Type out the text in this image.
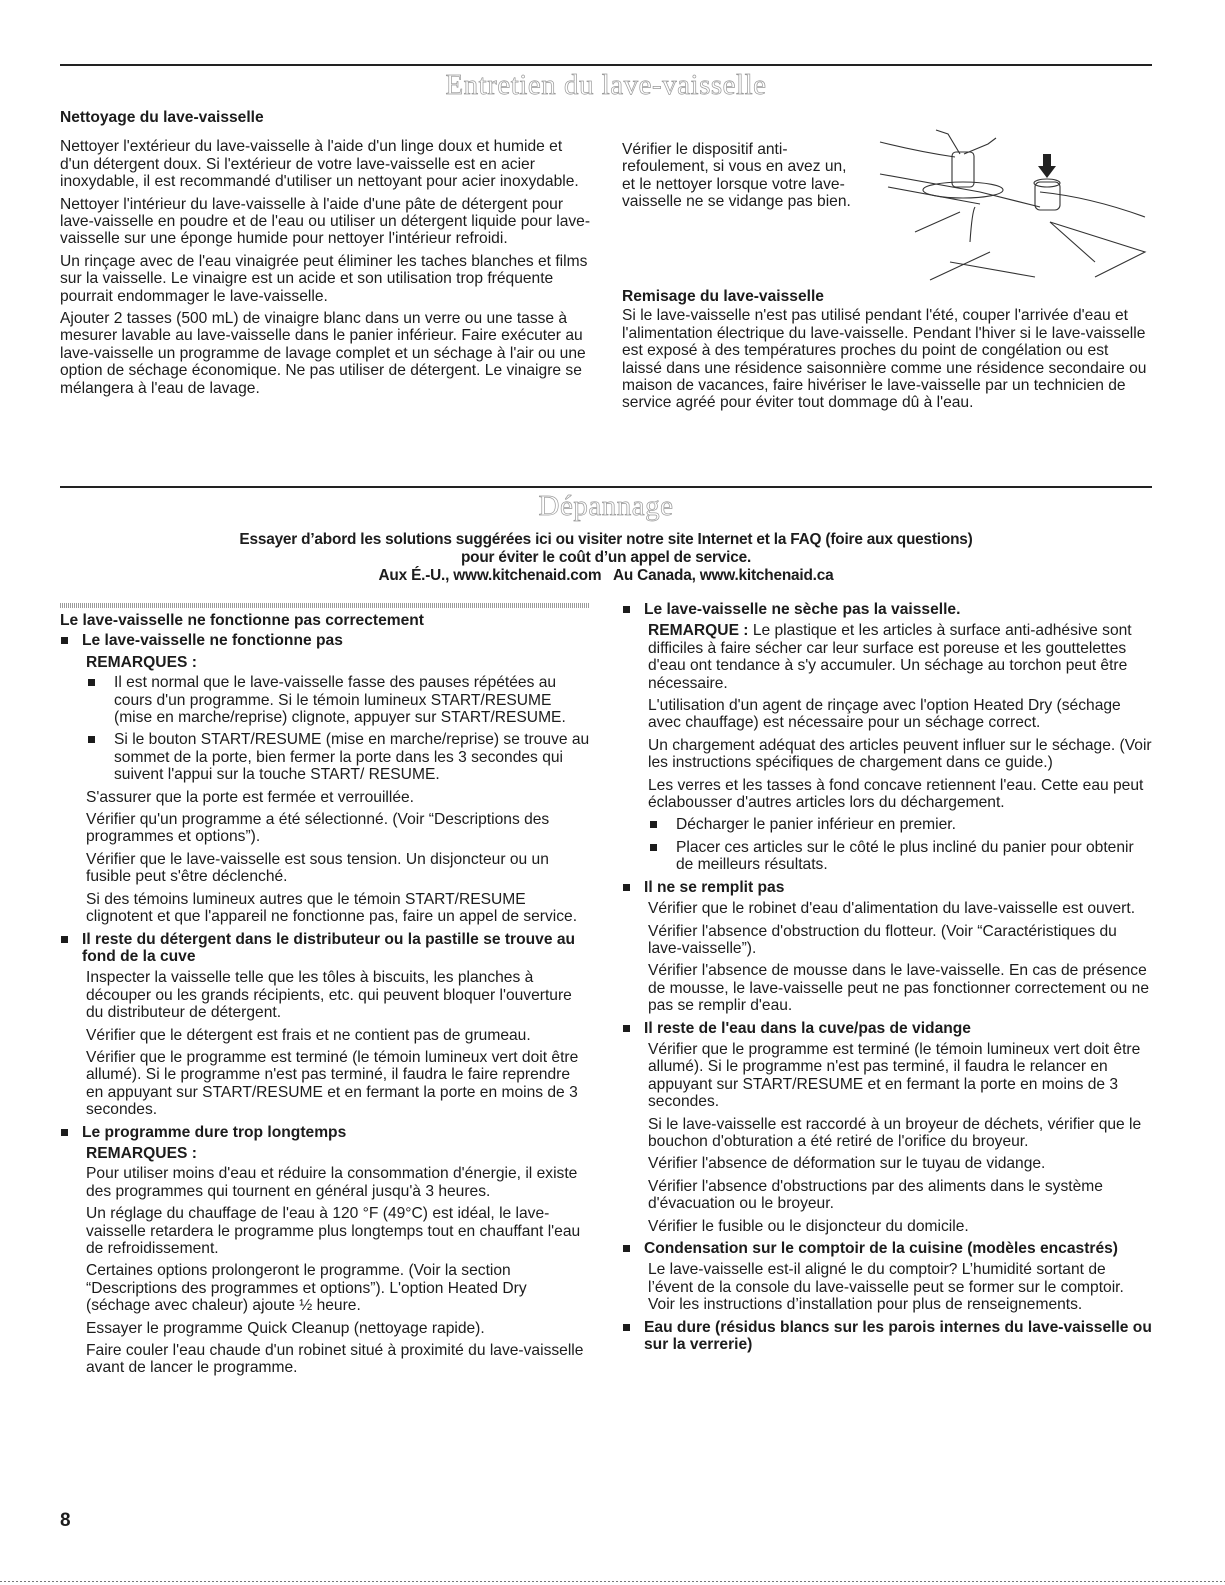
Entretien du lave-vaisselle
Nettoyage du lave-vaisselle

Nettoyer l'extérieur du lave-vaisselle à l'aide d'un linge doux et humide et d'un détergent doux. Si l'extérieur de votre lave-vaisselle est en acier inoxydable, il est recommandé d'utiliser un nettoyant pour acier inoxydable.

Nettoyer l'intérieur du lave-vaisselle à l'aide d'une pâte de détergent pour lave-vaisselle en poudre et de l'eau ou utiliser un détergent liquide pour lave-vaisselle sur une éponge humide pour nettoyer l'intérieur refroidi.

Un rinçage avec de l'eau vinaigrée peut éliminer les taches blanches et films sur la vaisselle. Le vinaigre est un acide et son utilisation trop fréquente pourrait endommager le lave-vaisselle.

Ajouter 2 tasses (500 mL) de vinaigre blanc dans un verre ou une tasse à mesurer lavable au lave-vaisselle dans le panier inférieur. Faire exécuter au lave-vaisselle un programme de lavage complet et un séchage à l'air ou une option de séchage économique. Ne pas utiliser de détergent. Le vinaigre se mélangera à l'eau de lavage.

Vérifier le dispositif anti-refoulement, si vous en avez un, et le nettoyer lorsque votre lave-vaisselle ne se vidange pas bien.

Remisage du lave-vaisselle

Si le lave-vaisselle n'est pas utilisé pendant l'été, couper l'arrivée d'eau et l'alimentation électrique du lave-vaisselle. Pendant l'hiver si le lave-vaisselle est exposé à des températures proches du point de congélation ou est laissé dans une résidence saisonnière comme une résidence secondaire ou maison de vacances, faire hivériser le lave-vaisselle par un technicien de service agréé pour éviter tout dommage dû à l'eau.

Dépannage
Essayer d’abord les solutions suggérées ici ou visiter notre site Internet et la FAQ (foire aux questions)
pour éviter le coût d’un appel de service.
Aux É.-U., www.kitchenaid.com   Au Canada, www.kitchenaid.ca
Le lave-vaisselle ne fonctionne pas correctement
Le lave-vaisselle ne fonctionne pas
REMARQUES :
Il est normal que le lave-vaisselle fasse des pauses répétées au cours d'un programme. Si le témoin lumineux START/RESUME (mise en marche/reprise) clignote, appuyer sur START/RESUME.
Si le bouton START/RESUME (mise en marche/reprise) se trouve au sommet de la porte, bien fermer la porte dans les 3 secondes qui suivent l'appui sur la touche START/ RESUME.

S'assurer que la porte est fermée et verrouillée.

Vérifier qu'un programme a été sélectionné. (Voir “Descriptions des programmes et options”).

Vérifier que le lave-vaisselle est sous tension. Un disjoncteur ou un fusible peut s'être déclenché.

Si des témoins lumineux autres que le témoin START/RESUME clignotent et que l'appareil ne fonctionne pas, faire un appel de service.

Il reste du détergent dans le distributeur ou la pastille se trouve au fond de la cuve

Inspecter la vaisselle telle que les tôles à biscuits, les planches à découper ou les grands récipients, etc. qui peuvent bloquer l'ouverture du distributeur de détergent.

Vérifier que le détergent est frais et ne contient pas de grumeau.

Vérifier que le programme est terminé (le témoin lumineux vert doit être allumé). Si le programme n'est pas terminé, il faudra le faire reprendre en appuyant sur START/RESUME et en fermant la porte en moins de 3 secondes.

Le programme dure trop longtemps
REMARQUES :

Pour utiliser moins d'eau et réduire la consommation d'énergie, il existe des programmes qui tournent en général jusqu'à 3 heures.

Un réglage du chauffage de l'eau à 120 °F (49°C) est idéal, le lave-vaisselle retardera le programme plus longtemps tout en chauffant l'eau de refroidissement.

Certaines options prolongeront le programme. (Voir la section “Descriptions des programmes et options”). L'option Heated Dry (séchage avec chaleur) ajoute ½ heure.

Essayer le programme Quick Cleanup (nettoyage rapide).

Faire couler l'eau chaude d'un robinet situé à proximité du lave-vaisselle avant de lancer le programme.

Le lave-vaisselle ne sèche pas la vaisselle.

REMARQUE : Le plastique et les articles à surface anti-adhésive sont difficiles à faire sécher car leur surface est poreuse et les gouttelettes d'eau ont tendance à s'y accumuler. Un séchage au torchon peut être nécessaire.

L'utilisation d'un agent de rinçage avec l'option Heated Dry (séchage avec chauffage) est nécessaire pour un séchage correct.

Un chargement adéquat des articles peuvent influer sur le séchage. (Voir les instructions spécifiques de chargement dans ce guide.)

Les verres et les tasses à fond concave retiennent l'eau. Cette eau peut éclabousser d'autres articles lors du déchargement.

Décharger le panier inférieur en premier.
Placer ces articles sur le côté le plus incliné du panier pour obtenir de meilleurs résultats.
Il ne se remplit pas

Vérifier que le robinet d'eau d'alimentation du lave-vaisselle est ouvert.

Vérifier l'absence d'obstruction du flotteur. (Voir “Caractéristiques du lave-vaisselle”).

Vérifier l'absence de mousse dans le lave-vaisselle. En cas de présence de mousse, le lave-vaisselle peut ne pas fonctionner correctement ou ne pas se remplir d'eau.

Il reste de l'eau dans la cuve/pas de vidange

Vérifier que le programme est terminé (le témoin lumineux vert doit être allumé). Si le programme n'est pas terminé, il faudra le relancer en appuyant sur START/RESUME et en fermant la porte en moins de 3 secondes.

Si le lave-vaisselle est raccordé à un broyeur de déchets, vérifier que le bouchon d'obturation a été retiré de l'orifice du broyeur.

Vérifier l'absence de déformation sur le tuyau de vidange.

Vérifier l'absence d'obstructions par des aliments dans le système d'évacuation ou le broyeur.

Vérifier le fusible ou le disjoncteur du domicile.

Condensation sur le comptoir de la cuisine (modèles encastrés)

Le lave-vaisselle est-il aligné le du comptoir? L’humidité sortant de l’évent de la console du lave-vaisselle peut se former sur le comptoir. Voir les instructions d’installation pour plus de renseignements.

Eau dure (résidus blancs sur les parois internes du lave-vaisselle ou sur la verrerie)
8
